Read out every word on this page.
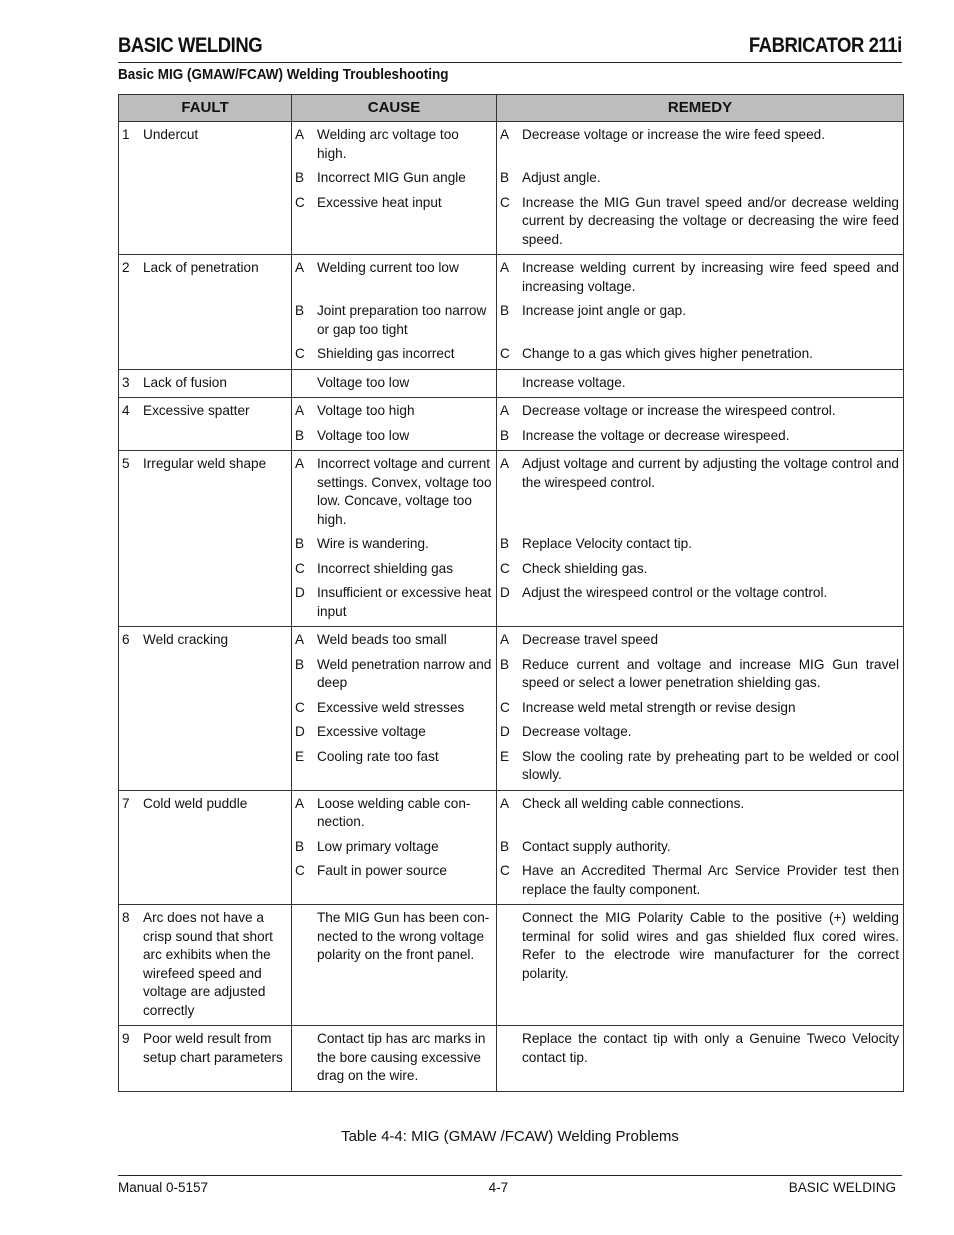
BASIC WELDING	FABRICATOR 211i
Basic MIG (GMAW/FCAW) Welding Troubleshooting
FAULT	CAUSE	REMEDY

1 Undercut	A Welding arc voltage too high.	A Decrease voltage or increase the wire feed speed.

	B Incorrect MIG Gun angle	B Adjust angle.

	C Excessive heat input	C Increase the MIG Gun travel speed and/or decrease welding current by decreasing the voltage or decreasing the wire feed speed.

2 Lack of penetration	A Welding current too low	A Increase welding current by increasing wire feed speed and increasing voltage.

	B Joint preparation too narrow or gap too tight	B Increase joint angle or gap.

	C Shielding gas incorrect	C Change to a gas which gives higher penetration.

3 Lack of fusion	Voltage too low	Increase voltage.

4 Excessive spatter	A Voltage too high	A Decrease voltage or increase the wirespeed control.

	B Voltage too low	B Increase the voltage or decrease wirespeed.

5 Irregular weld shape	A Incorrect voltage and current settings. Convex, voltage too low. Concave, voltage too high.	A Adjust voltage and current by adjusting the voltage control and the wirespeed control.

	B Wire is wandering.	B Replace Velocity contact tip.

	C Incorrect shielding gas	C Check shielding gas.

	D Insufficient or excessive heat input	D Adjust the wirespeed control or the voltage control.

6 Weld cracking	A Weld beads too small	A Decrease travel speed

	B Weld penetration narrow and deep	B Reduce current and voltage and increase MIG Gun travel speed or select a lower penetration shielding gas.

	C Excessive weld stresses	C Increase weld metal strength or revise design

	D Excessive voltage	D Decrease voltage.

	E Cooling rate too fast	E Slow the cooling rate by preheating part to be welded or cool slowly.

7 Cold weld puddle	A Loose welding cable con-nection.	A Check all welding cable connections.

	B Low primary voltage	B Contact supply authority.

	C Fault in power source	C Have an Accredited Thermal Arc Service Provider test then replace the faulty component.

8 Arc does not have a crisp sound that short arc exhibits when the wirefeed speed and voltage are adjusted correctly	The MIG Gun has been con-nected to the wrong voltage polarity on the front panel.	Connect the MIG Polarity Cable to the positive (+) welding terminal for solid wires and gas shielded flux cored wires. Refer to the electrode wire manufacturer for the correct polarity.

9 Poor weld result from setup chart parameters	Contact tip has arc marks in the bore causing excessive drag on the wire.	Replace the contact tip with only a Genuine Tweco Velocity contact tip.
Table 4-4: MIG (GMAW /FCAW) Welding Problems
Manual 0-5157	4-7	BASIC WELDING
